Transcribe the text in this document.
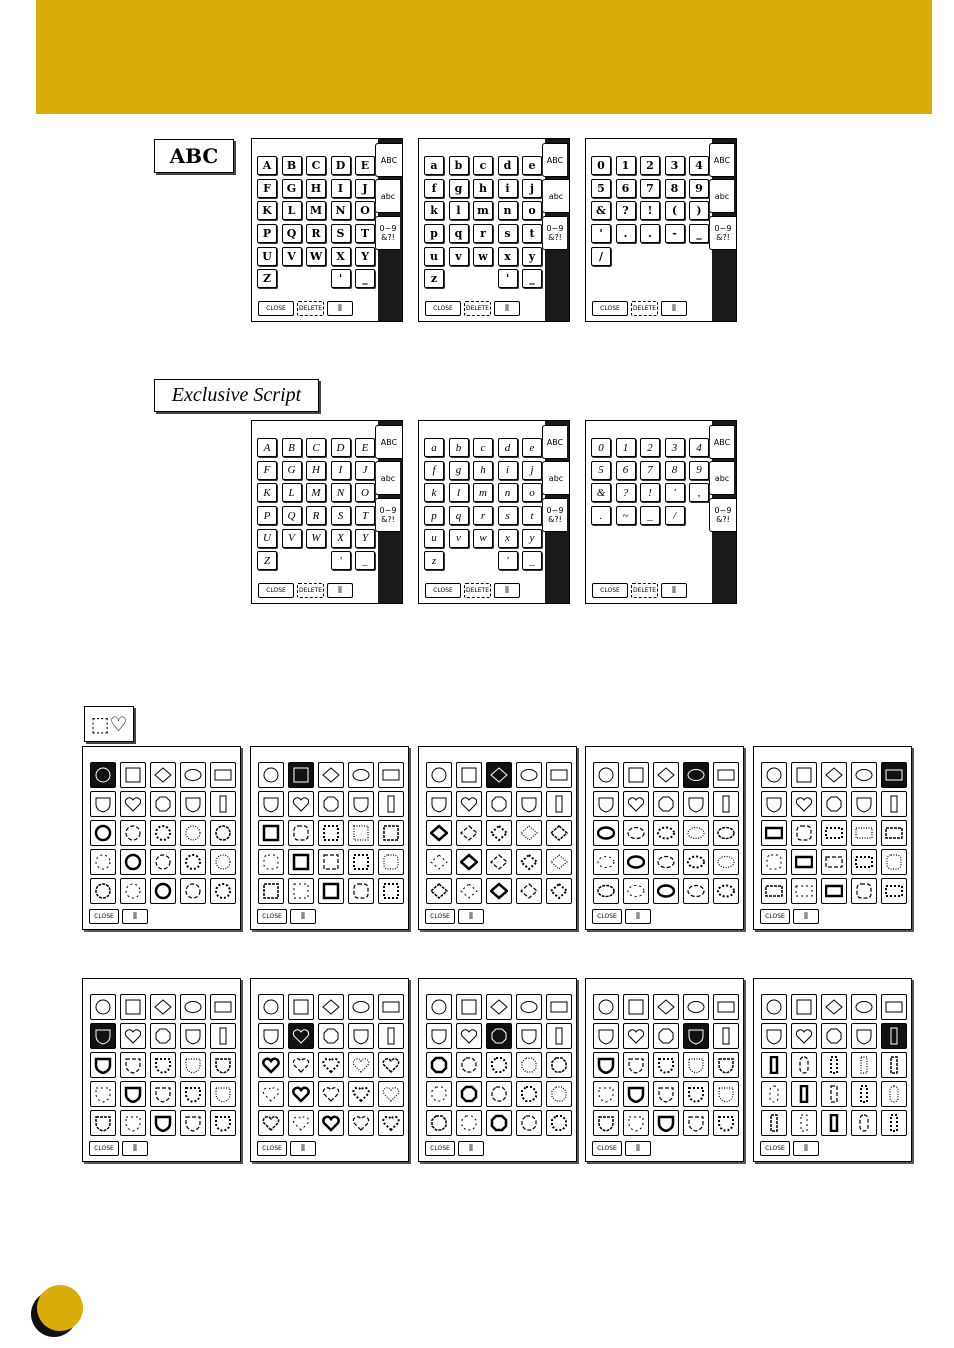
ABC
Exclusive Script
ABC
abc
0~9 &?!
A	B	C	D	E
F	G	H	I	J
K	L	M	N	O
P	Q	R	S	T
U	V	W	X	Y
Z	'	_
CLOSE	DELETE	⦀
ABC
abc
0~9 &?!
a	b	c	d	e
f	g	h	i	j
k	l	m	n	o
p	q	r	s	t
u	v	w	x	y
z	'	_
CLOSE	DELETE	⦀
ABC
abc
0~9 &?!
0	1	2	3	4
5	6	7	8	9
&	?	!	(	)
'	.	.	-	_
/
CLOSE	DELETE	⦀
ABC
abc
0~9 &?!
A	B	C	D	E
F	G	H	I	J
K	L	M	N	O
P	Q	R	S	T
U	V	W	X	Y
Z	'	_
CLOSE	DELETE	⦀
ABC
abc
0~9 &?!
a	b	c	d	e
f	g	h	i	j
k	l	m	n	o
p	q	r	s	t
u	v	w	x	y
z	'	_
CLOSE	DELETE	⦀
ABC
abc
0~9 &?!
0	1	2	3	4
5	6	7	8	9
&	?	!	'	,
.	~	_	/
CLOSE	DELETE	⦀
⬚♡
CLOSE	⦀	CLOSE	⦀	CLOSE	⦀	CLOSE	⦀	CLOSE	⦀
CLOSE	⦀	CLOSE	⦀	CLOSE	⦀	CLOSE	⦀	CLOSE	⦀
